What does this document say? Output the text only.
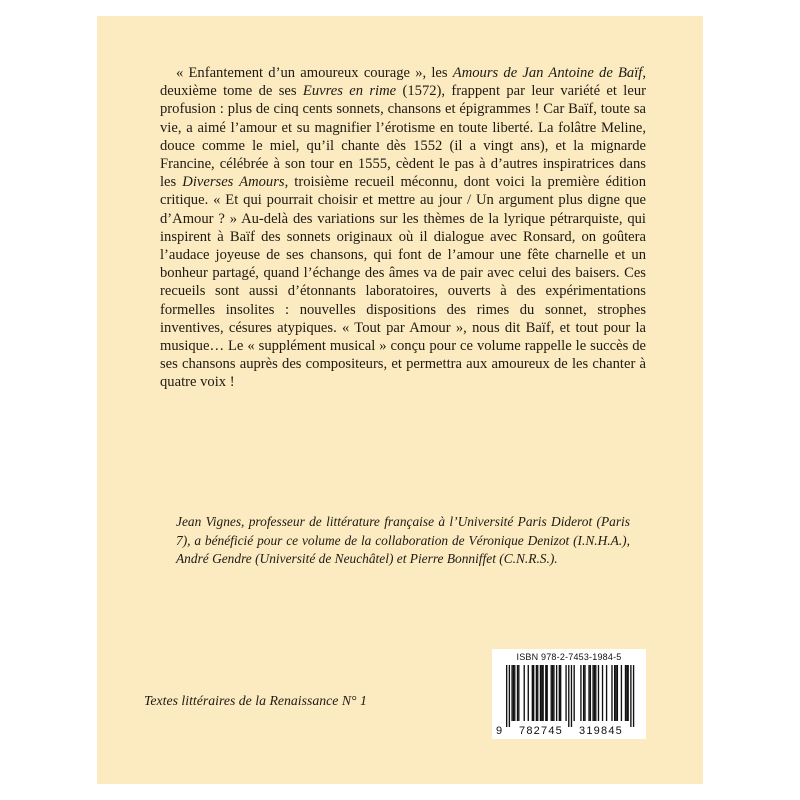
« Enfantement d’un amoureux courage », les Amours de Jan Antoine de Baïf, deuxième tome de ses Euvres en rime (1572), frappent par leur variété et leur profusion : plus de cinq cents sonnets, chansons et épigrammes ! Car Baïf, toute sa vie, a aimé l’amour et su magnifier l’érotisme en toute liberté. La folâtre Meline, douce comme le miel, qu’il chante dès 1552 (il a vingt ans), et la mignarde Francine, célébrée à son tour en 1555, cèdent le pas à d’autres inspiratrices dans les Diverses Amours, troisième recueil méconnu, dont voici la première édition critique. « Et qui pourrait choisir et mettre au jour / Un argument plus digne que d’Amour ? » Au-delà des variations sur les thèmes de la lyrique pétrarquiste, qui inspirent à Baïf des sonnets originaux où il dialogue avec Ronsard, on goûtera l’audace joyeuse de ses chansons, qui font de l’amour une fête charnelle et un bonheur partagé, quand l’échange des âmes va de pair avec celui des baisers. Ces recueils sont aussi d’étonnants laboratoires, ouverts à des expérimentations formelles insolites : nouvelles dispositions des rimes du sonnet, strophes inventives, césures atypiques. « Tout par Amour », nous dit Baïf, et tout pour la musique… Le « supplément musical » conçu pour ce volume rappelle le succès de ses chansons auprès des compositeurs, et permettra aux amoureux de les chanter à quatre voix !

Jean Vignes, professeur de littérature française à l’Université Paris Diderot (Paris 7), a bénéficié pour ce volume de la collaboration de Véronique Denizot (I.N.H.A.), André Gendre (Université de Neuchâtel) et Pierre Bonniffet (C.N.R.S.).

Textes littéraires de la Renaissance N° 1
ISBN 978-2-7453-1984-5
9 782745 319845
